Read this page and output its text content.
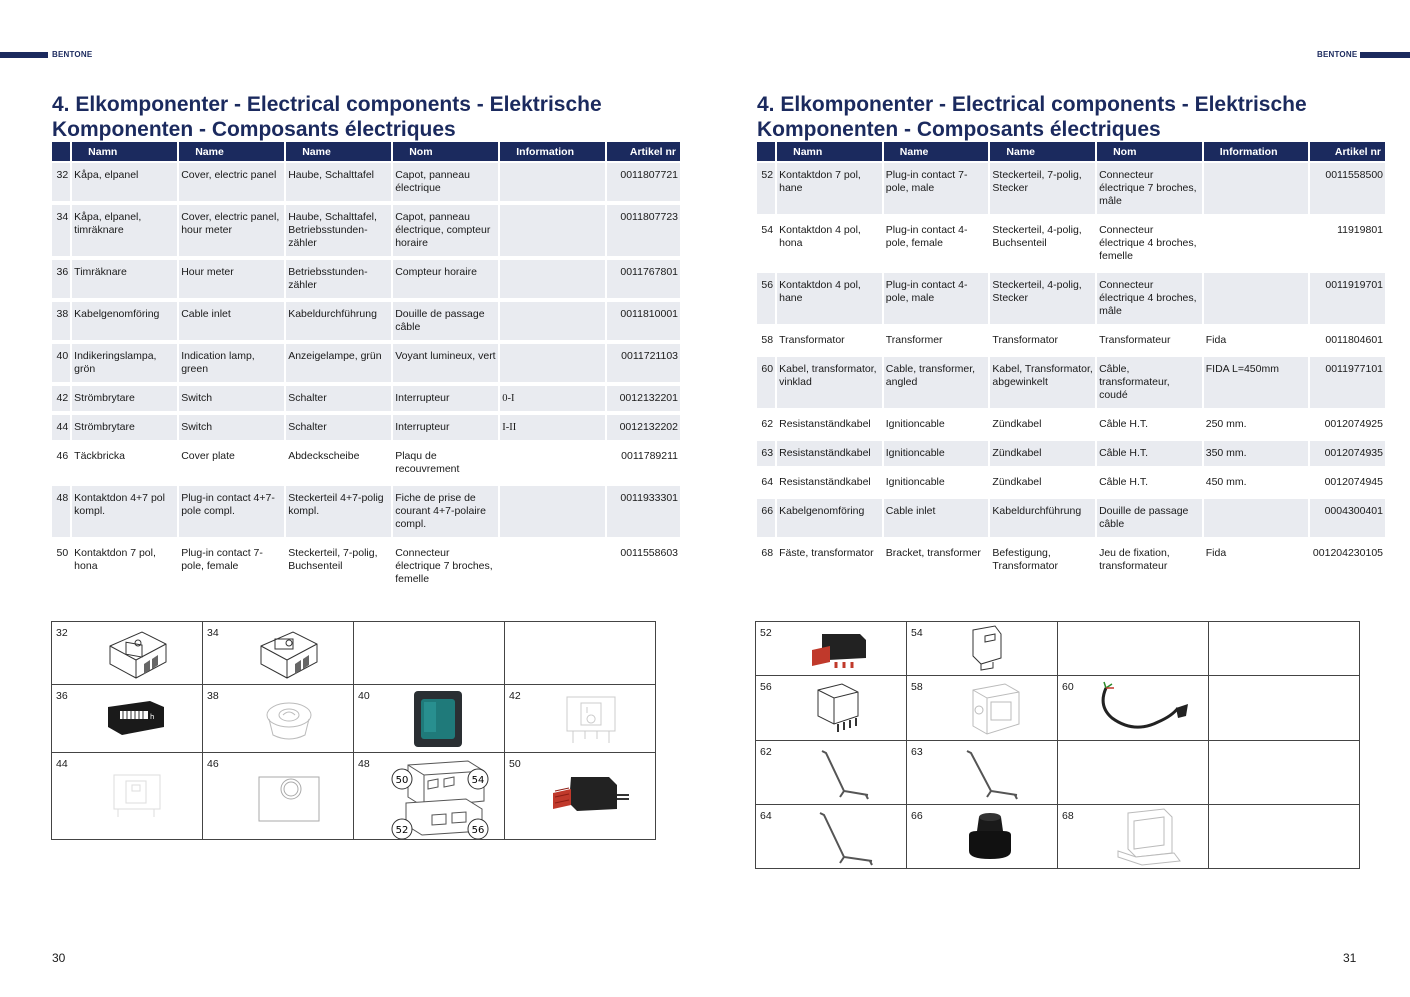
BENTONE
4. Elkomponenter - Electrical components - Elektrische Komponenten - Composants électriques
	Namn	Name	Name	Nom	Information	Artikel nr
32	Kåpa, elpanel	Cover, electric panel	Haube, Schalttafel	Capot, panneau électrique		0011807721
34	Kåpa, elpanel, timräknare	Cover, electric panel, hour meter	Haube, Schalttafel, Betriebsstunden-zähler	Capot, panneau électrique, compteur horaire		0011807723
36	Timräknare	Hour meter	Betriebsstunden-zähler	Compteur horaire		0011767801
38	Kabelgenomföring	Cable inlet	Kabeldurchführung	Douille de passage câble		0011810001
40	Indikeringslampa, grön	Indication lamp, green	Anzeigelampe, grün	Voyant lumineux, vert		0011721103
42	Strömbrytare	Switch	Schalter	Interrupteur	0-I	0012132201
44	Strömbrytare	Switch	Schalter	Interrupteur	I-II	0012132202
46	Täckbricka	Cover plate	Abdeckscheibe	Plaqu de recouvrement		0011789211
48	Kontaktdon 4+7 pol kompl.	Plug-in contact 4+7-pole compl.	Steckerteil 4+7-polig kompl.	Fiche de prise de courant 4+7-polaire compl.		0011933301
50	Kontaktdon 7 pol, hona	Plug-in contact 7-pole, female	Steckerteil, 7-polig, Buchsenteil	Connecteur électrique 7 broches, femelle		0011558603
32	34		

36
h	38	40	42

44	46	48
50 54
52 56	50
30
BENTONE
4. Elkomponenter - Electrical components - Elektrische Komponenten - Composants électriques
	Namn	Name	Name	Nom	Information	Artikel nr
52	Kontaktdon 7 pol, hane	Plug-in contact 7-pole, male	Steckerteil, 7-polig, Stecker	Connecteur électrique 7 broches, mâle		0011558500
54	Kontaktdon 4 pol, hona	Plug-in contact 4-pole, female	Steckerteil, 4-polig, Buchsenteil	Connecteur électrique 4 broches, femelle		11919801
56	Kontaktdon 4 pol, hane	Plug-in contact 4-pole, male	Steckerteil, 4-polig, Stecker	Connecteur électrique 4 broches, mâle		0011919701
58	Transformator	Transformer	Transformator	Transformateur	Fida	0011804601
60	Kabel, transformator, vinklad	Cable, transformer, angled	Kabel, Transformator, abgewinkelt	Câble, transformateur, coudé	FIDA L=450mm	0011977101
62	Resistanständkabel	Ignitioncable	Zündkabel	Câble H.T.	250 mm.	0012074925
63	Resistanständkabel	Ignitioncable	Zündkabel	Câble H.T.	350 mm.	0012074935
64	Resistanständkabel	Ignitioncable	Zündkabel	Câble H.T.	450 mm.	0012074945
66	Kabelgenomföring	Cable inlet	Kabeldurchführung	Douille de passage câble		0004300401
68	Fäste, transformator	Bracket, transformer	Befestigung, Transformator	Jeu de fixation, transformateur	Fida	001204230105
52	54		

56	58	60	

62	63		

64	66	68	

31
